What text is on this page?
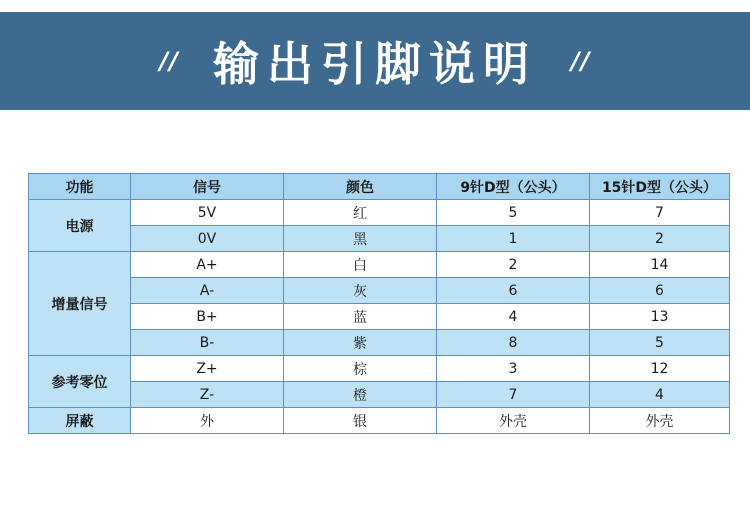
// 输出引脚说明 //
功能	信号	颜色	9针D型（公头）	15针D型（公头）
电源	5V	红	5	7
	0V	黑	1	2
增量信号	A+	白	2	14
	A-	灰	6	6
	B+	蓝	4	13
	B-	紫	8	5
参考零位	Z+	棕	3	12
	Z-	橙	7	4
屏蔽	外	银	外壳	外壳
